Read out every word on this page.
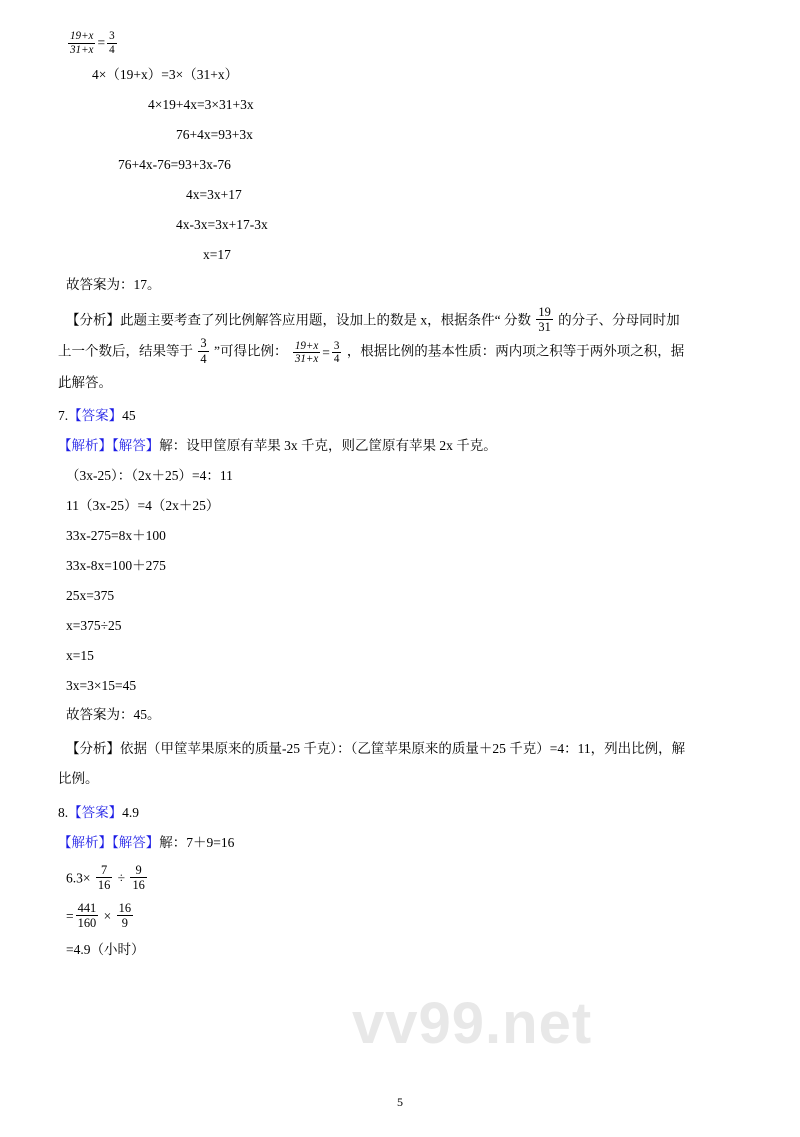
vv99.net
$\frac{19+x}{31+x} = \frac{3}{4}$
4×（19+x）=3×（31+x）
4×19+4x=3×31+3x
76+4x=93+3x
76+4x-76=93+3x-76
4x=3x+17
4x-3x=3x+17-3x
x=17
故答案为：17。
【分析】此题主要考查了列比例解答应用题，设加上的数是 x，根据条件“ 分数 $\frac{19}{31}$ 的分子、分母同时加
上一个数后，结果等于 $\frac{3}{4}$ ”可得比例： $\frac{19+x}{31+x} = \frac{3}{4}$ ，根据比例的基本性质：两内项之积等于两外项之积，据
此解答。
7.【答案】45
【解析】【解答】解：设甲筐原有苹果 3x 千克，则乙筐原有苹果 2x 千克。
（3x-25）：（2x＋25）=4：11
11（3x-25）=4（2x＋25）
33x-275=8x＋100
33x-8x=100＋275
25x=375
x=375÷25
x=15
3x=3×15=45
故答案为：45。
【分析】依据（甲筐苹果原来的质量-25 千克）：（乙筐苹果原来的质量＋25 千克）=4：11，列出比例，解
比例。
8.【答案】4.9
【解析】【解答】解：7＋9=16
$6.3\times \frac{7}{16} \div \frac{9}{16}$
= $\frac{441}{160} \times \frac{16}{9}$
=4.9（小时）
5
